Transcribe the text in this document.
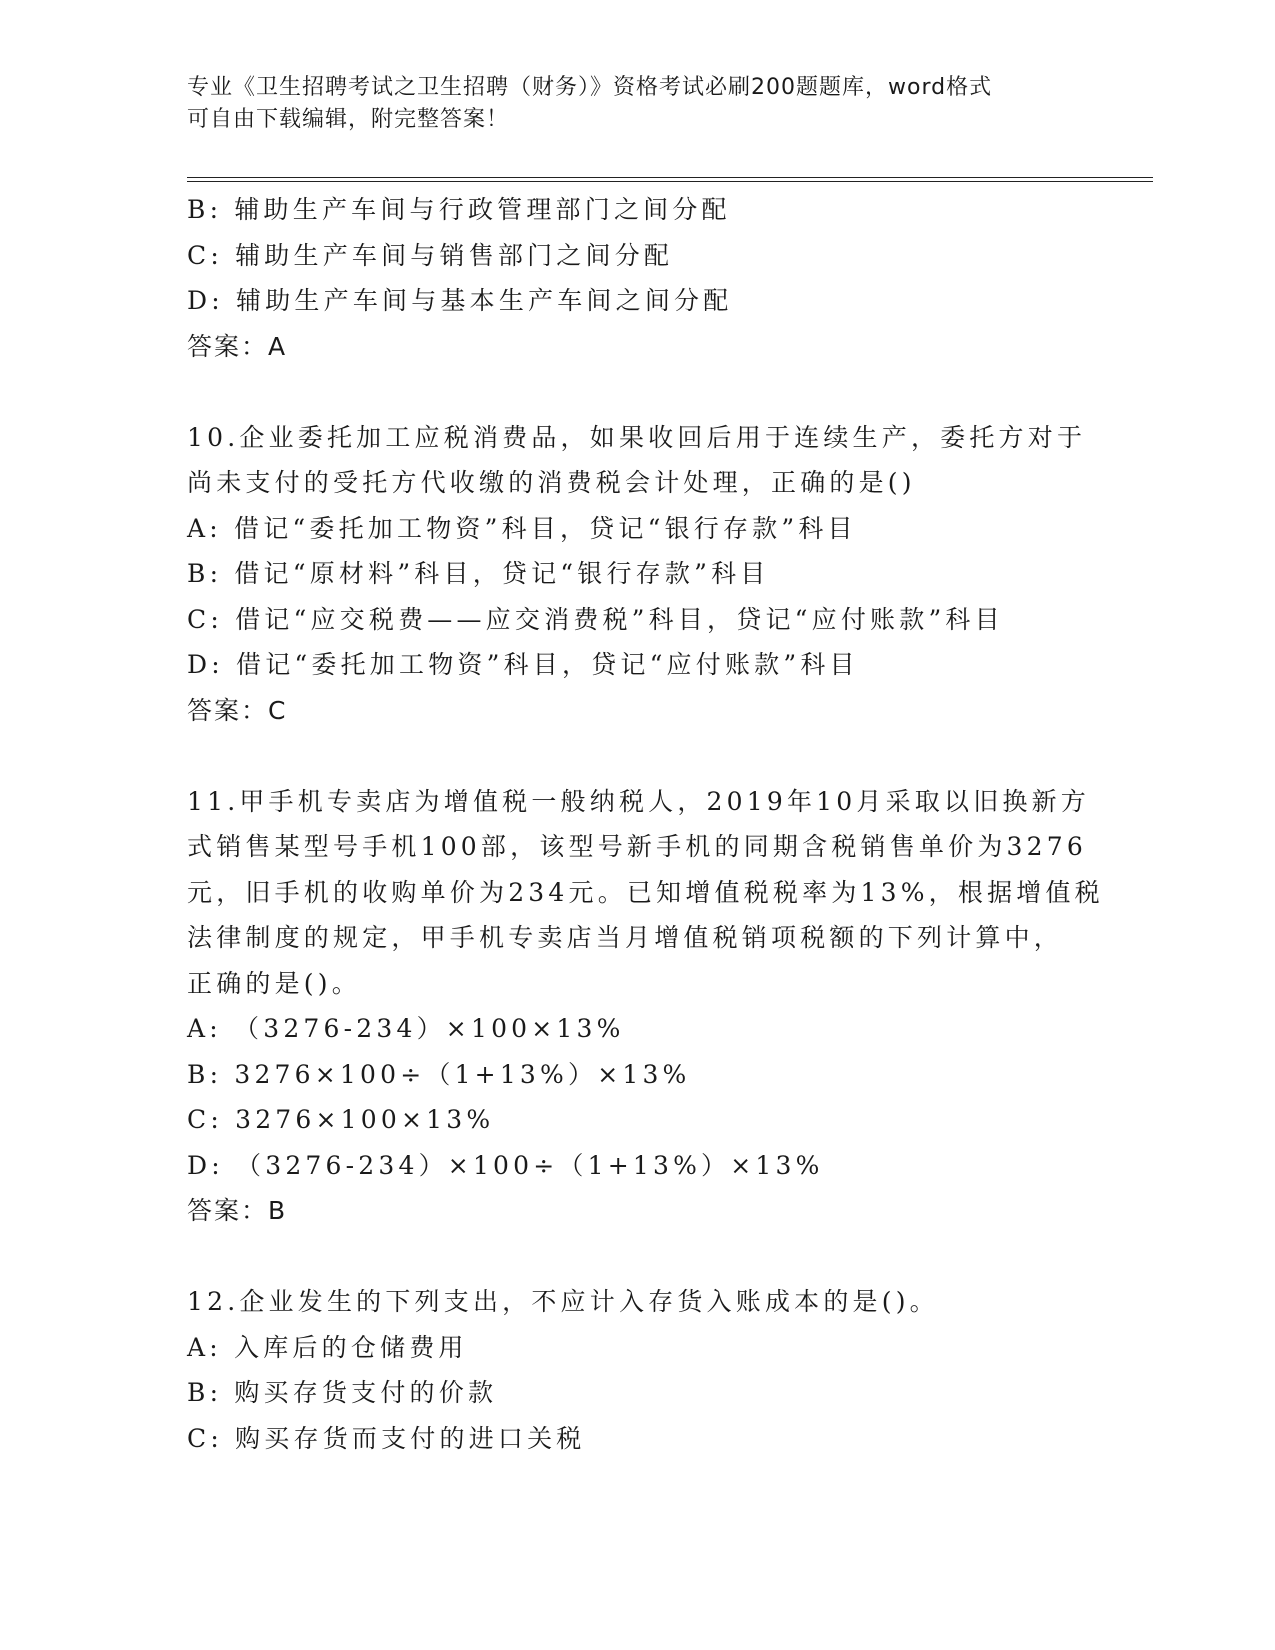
专业《卫生招聘考试之卫生招聘（财务）》资格考试必刷200题题库，word格式

可自由下载编辑，附完整答案！

B: 辅助生产车间与行政管理部门之间分配

C: 辅助生产车间与销售部门之间分配

D: 辅助生产车间与基本生产车间之间分配

答案：A

10.企业委托加工应税消费品，如果收回后用于连续生产，委托方对于

尚未支付的受托方代收缴的消费税会计处理，正确的是()

A: 借记“委托加工物资”科目，贷记“银行存款”科目

B: 借记“原材料”科目，贷记“银行存款”科目

C: 借记“应交税费——应交消费税”科目，贷记“应付账款”科目

D: 借记“委托加工物资”科目，贷记“应付账款”科目

答案：C

11.甲手机专卖店为增值税一般纳税人，2019年10月采取以旧换新方

式销售某型号手机100部，该型号新手机的同期含税销售单价为3276

元，旧手机的收购单价为234元。已知增值税税率为13%，根据增值税

法律制度的规定，甲手机专卖店当月增值税销项税额的下列计算中，

正确的是()。

A: （3276-234）×100×13%

B: 3276×100÷（1+13%）×13%

C: 3276×100×13%

D: （3276-234）×100÷（1+13%）×13%

答案：B

12.企业发生的下列支出，不应计入存货入账成本的是()。

A: 入库后的仓储费用

B: 购买存货支付的价款

C: 购买存货而支付的进口关税
